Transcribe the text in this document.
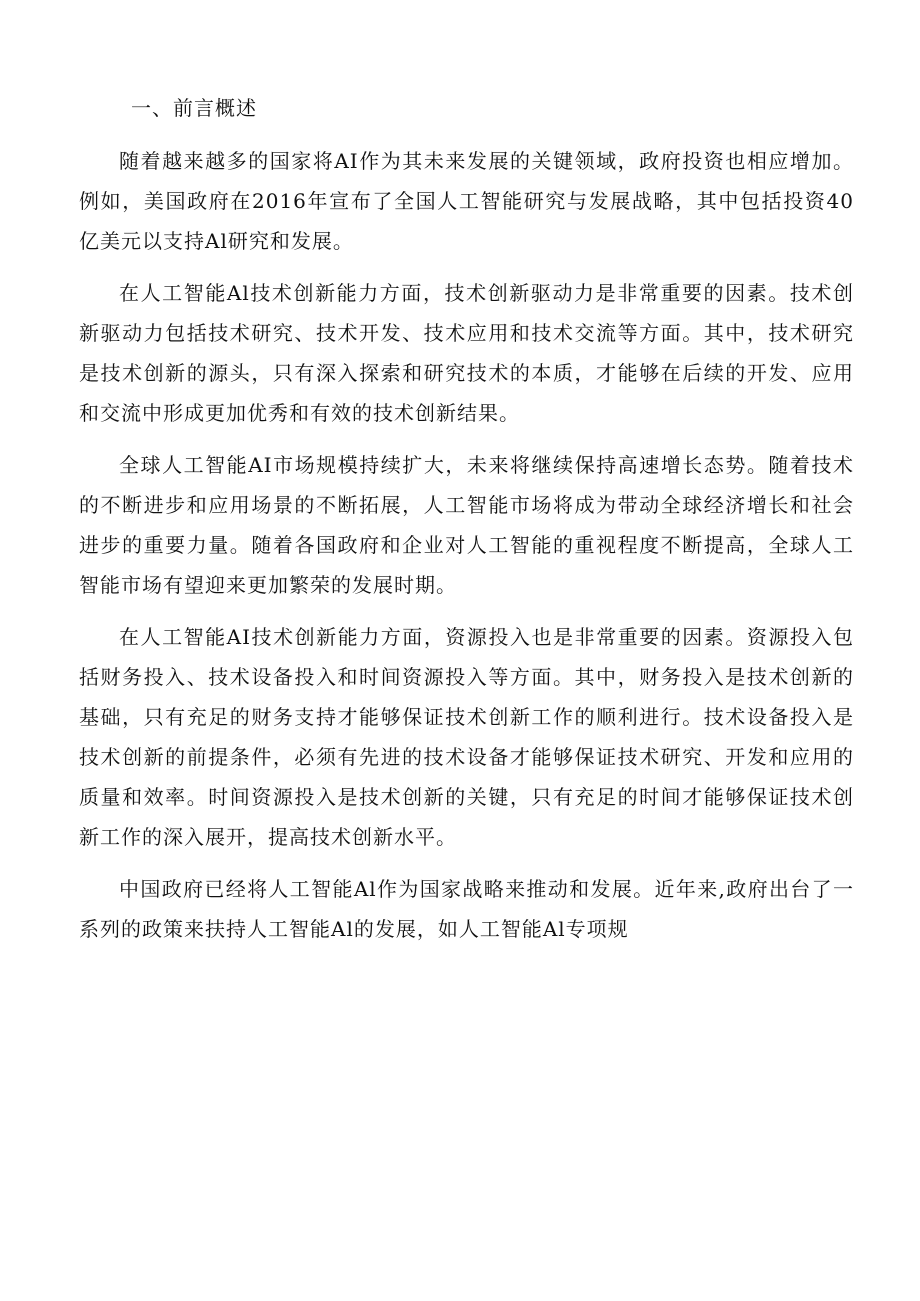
一、前言概述

随着越来越多的国家将AI作为其未来发展的关键领域，政府投资也相应增加。例如，美国政府在2016年宣布了全国人工智能研究与发展战略，其中包括投资40亿美元以支持Al研究和发展。

在人工智能Al技术创新能力方面，技术创新驱动力是非常重要的因素。技术创新驱动力包括技术研究、技术开发、技术应用和技术交流等方面。其中，技术研究是技术创新的源头，只有深入探索和研究技术的本质，才能够在后续的开发、应用和交流中形成更加优秀和有效的技术创新结果。

全球人工智能AI市场规模持续扩大，未来将继续保持高速增长态势。随着技术的不断进步和应用场景的不断拓展，人工智能市场将成为带动全球经济增长和社会进步的重要力量。随着各国政府和企业对人工智能的重视程度不断提高，全球人工智能市场有望迎来更加繁荣的发展时期。

在人工智能AI技术创新能力方面，资源投入也是非常重要的因素。资源投入包括财务投入、技术设备投入和时间资源投入等方面。其中，财务投入是技术创新的基础，只有充足的财务支持才能够保证技术创新工作的顺利进行。技术设备投入是技术创新的前提条件，必须有先进的技术设备才能够保证技术研究、开发和应用的质量和效率。时间资源投入是技术创新的关键，只有充足的时间才能够保证技术创新工作的深入展开，提高技术创新水平。

中国政府已经将人工智能Al作为国家战略来推动和发展。近年来,政府出台了一系列的政策来扶持人工智能Al的发展，如人工智能Al专项规
